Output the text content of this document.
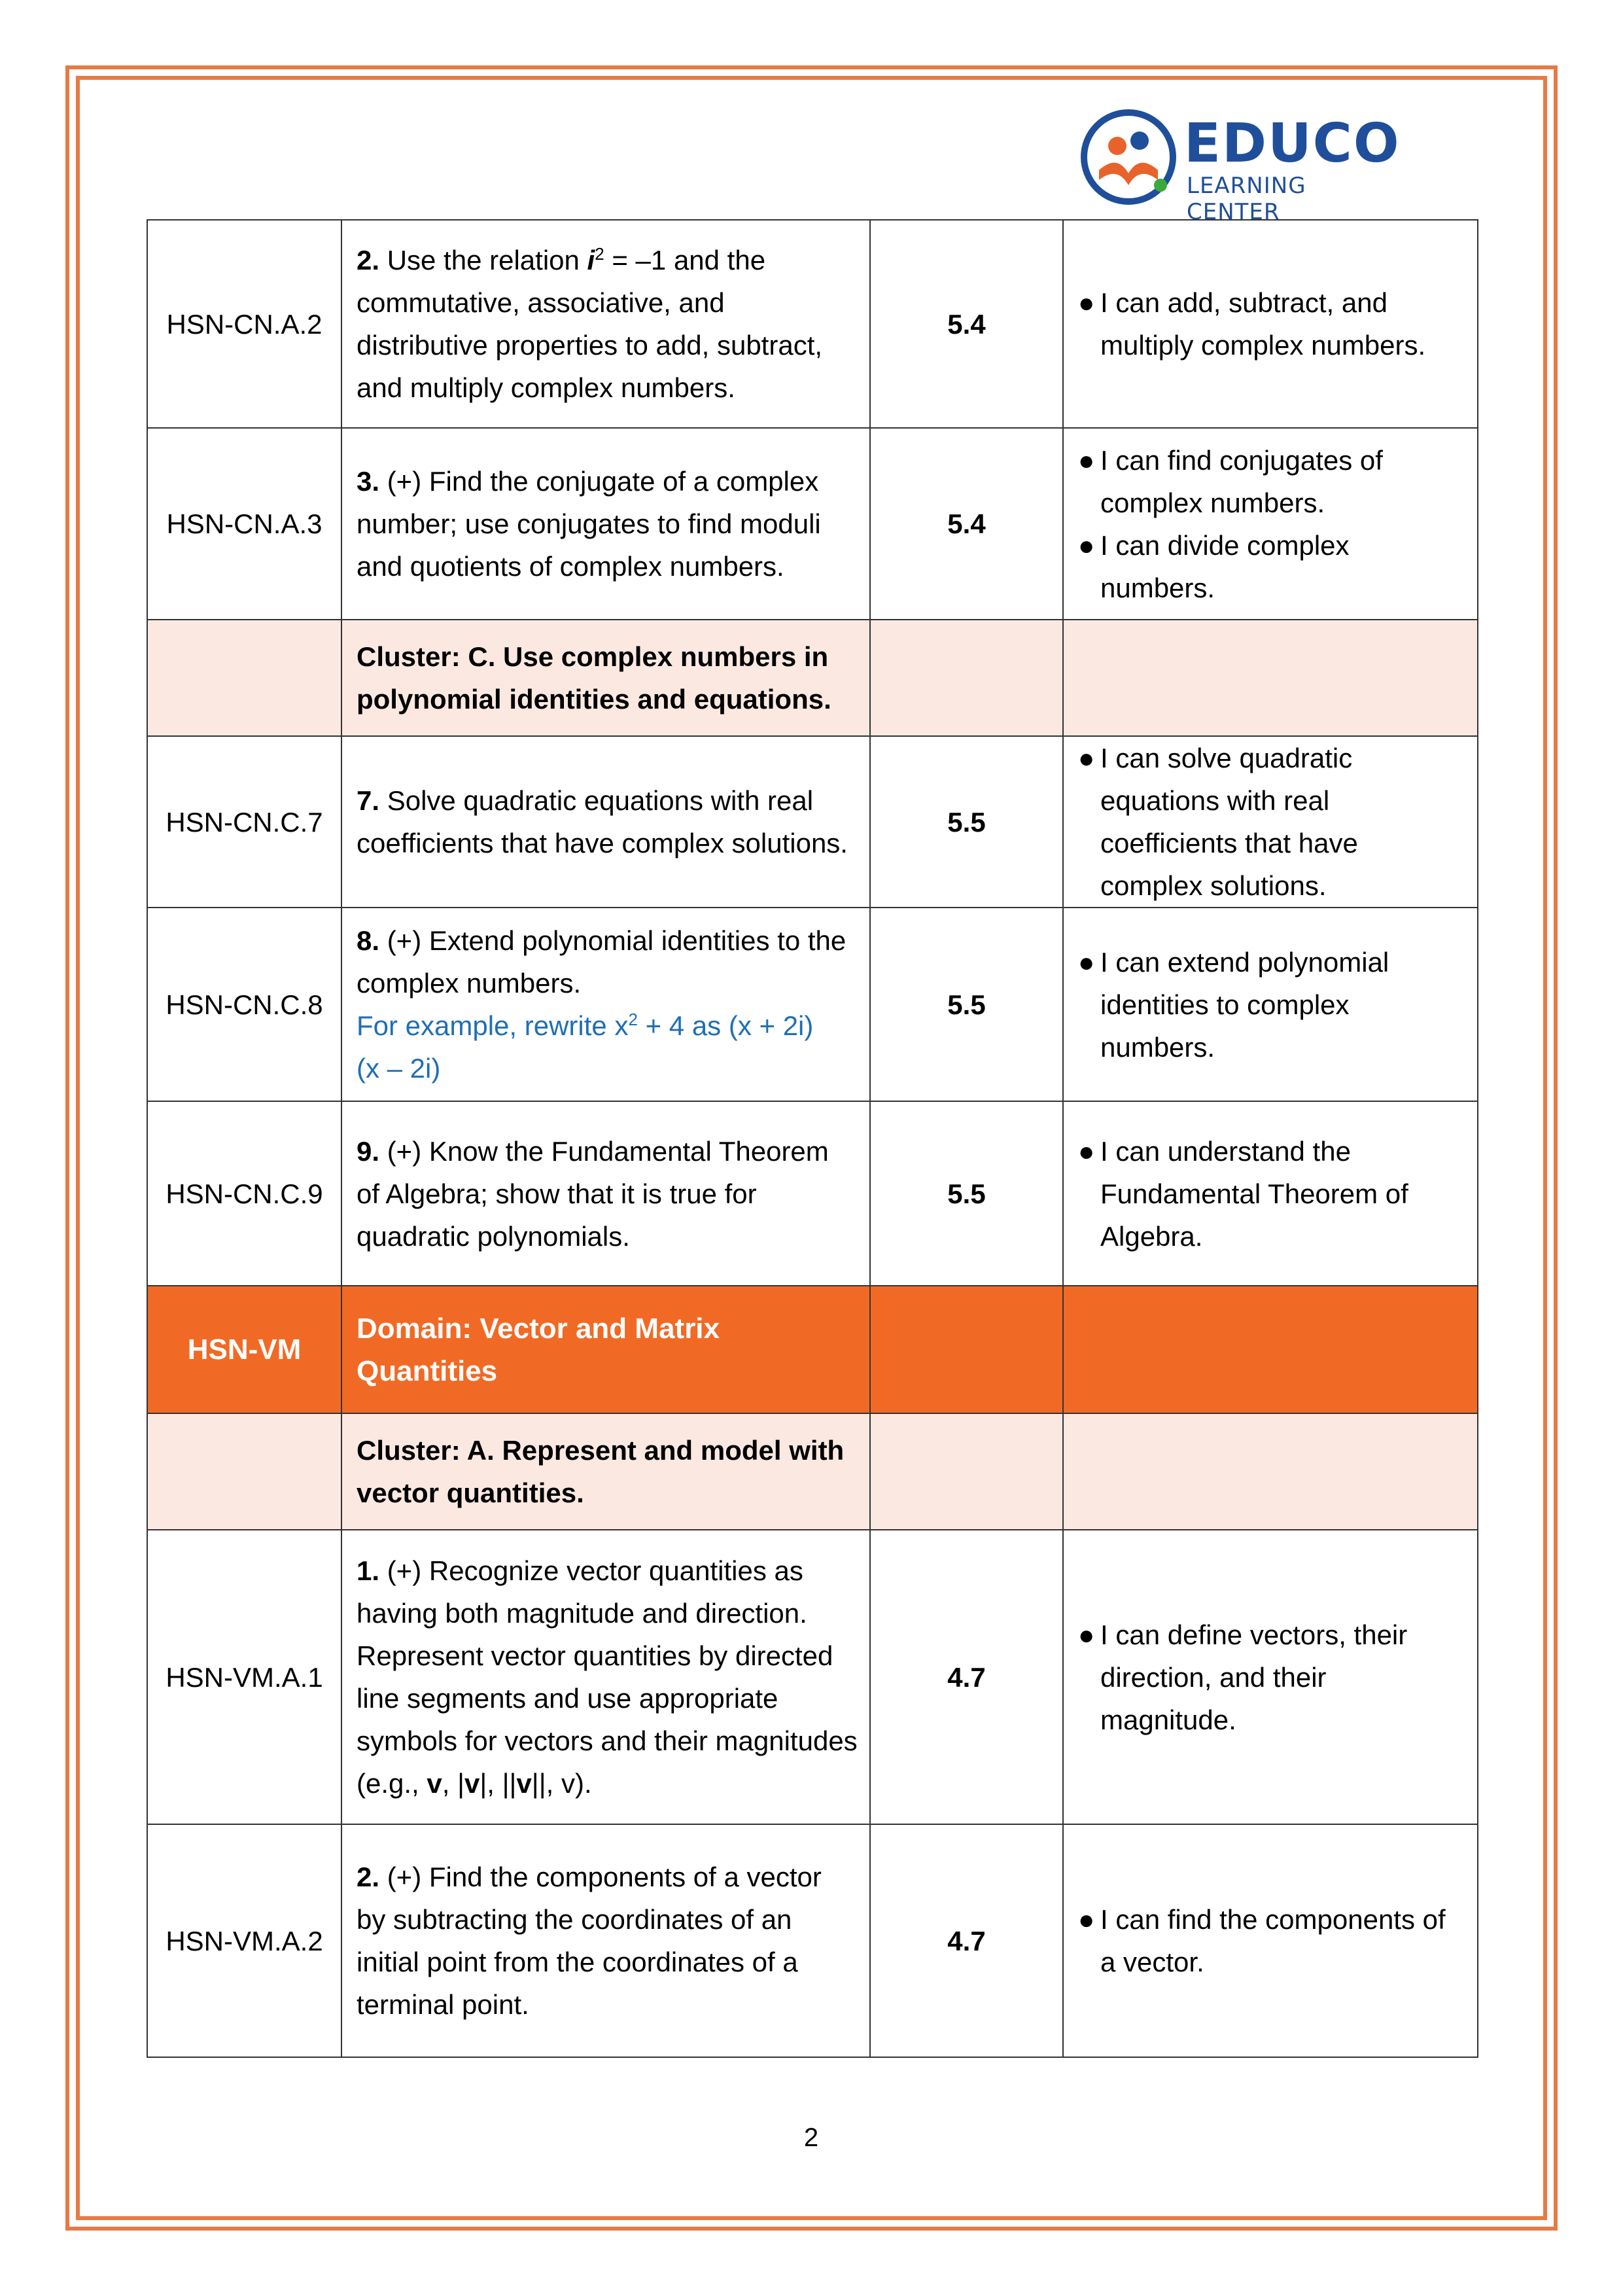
EDUCO
LEARNING CENTER
HSN-CN.A.2	2. Use the relation $i^2 = -1$ and the commutative, associative, and distributive properties to add, subtract, and multiply complex numbers.	5.4	● I can add, subtract, and multiply complex numbers.

HSN-CN.A.3	3. (+) Find the conjugate of a complex number; use conjugates to find moduli and quotients of complex numbers.	5.4	● I can find conjugates of complex numbers.
● I can divide complex numbers.

	Cluster: C. Use complex numbers in polynomial identities and equations.		
HSN-CN.C.7	7. Solve quadratic equations with real coefficients that have complex solutions.	5.5	● I can solve quadratic equations with real coefficients that have complex solutions.

HSN-CN.C.8	8. (+) Extend polynomial identities to the complex numbers.
For example, rewrite $x^2 + 4$ as (x + 2i)
(x – 2i)	5.5	● I can extend polynomial identities to complex numbers.

HSN-CN.C.9	9. (+) Know the Fundamental Theorem of Algebra; show that it is true for quadratic polynomials.	5.5	● I can understand the Fundamental Theorem of Algebra.

HSN-VM	Domain: Vector and Matrix Quantities		
	Cluster: A. Represent and model with vector quantities.		
HSN-VM.A.1	1. (+) Recognize vector quantities as having both magnitude and direction. Represent vector quantities by directed line segments and use appropriate symbols for vectors and their magnitudes (e.g., v, |v|, ||v||, v).	4.7	● I can define vectors, their direction, and their magnitude.

HSN-VM.A.2	2. (+) Find the components of a vector by subtracting the coordinates of an initial point from the coordinates of a terminal point.	4.7	● I can find the components of a vector.
2
